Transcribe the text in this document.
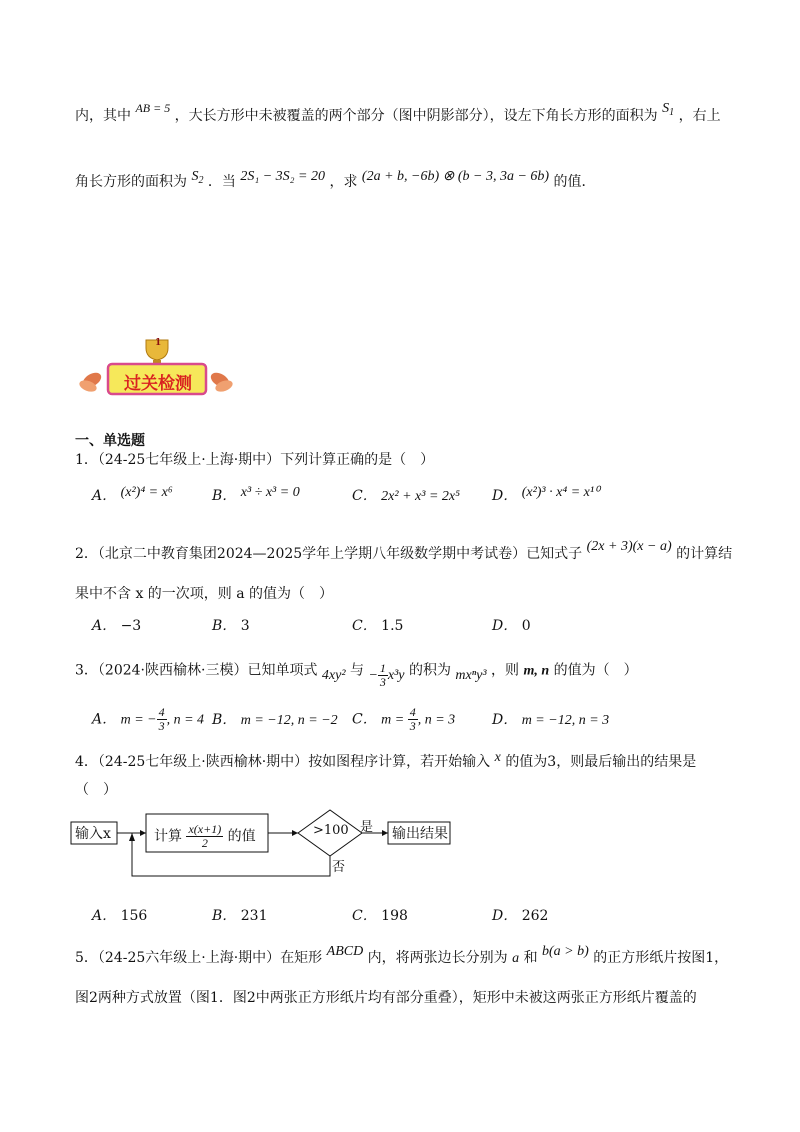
内，其中 AB = 5 ，大长方形中未被覆盖的两个部分（图中阴影部分），设左下角长方形的面积为 $S_1$ ，右上
角长方形的面积为 $S_2$ ．当 2S₁ − 3S₂ = 20 ，求 (2a + b, −6b) ⊗ (b − 3, 3a − 6b) 的值．
1
过关检测
一、单选题
1．（24-25七年级上·上海·期中）下列计算正确的是（　）
A． (x²)⁴ = x⁶	B． x³ ÷ x³ = 0	C． 2x² + x³ = 2x⁵ D． (x²)³ · x⁴ = x¹⁰
2．（北京二中教育集团2024—2025学年上学期八年级数学期中考试卷）已知式子 (2x + 3)(x − a) 的计算结
果中不含 x 的一次项，则 a 的值为（　）
A． −3	B． 3	C． 1.5	D． 0
3．（2024·陕西榆林·三模）已知单项式 4xy² 与 − $\frac{1}{3} x^3y$ 的积为 mxⁿy³ ，则 m, n 的值为（　）
A． m = − $\frac{4}{3}$ , n = 4 B． m = −12, n = −2 C． $m = \frac{4}{3}$ , n = 3	D． m = −12, n = 3
4．（24-25七年级上·陕西榆林·期中）按如图程序计算，若开始输入 x 的值为3，则最后输出的结果是
（　）
输入x	计算 $\frac{x(x+1)}{2}$ 的值	>100 是 输出结果
否
A． 156	B． 231	C． 198	D． 262
5．（24-25六年级上·上海·期中）在矩形 ABCD 内，将两张边长分别为 a 和 b(a > b) 的正方形纸片按图1，
图2两种方式放置（图1．图2中两张正方形纸片均有部分重叠），矩形中未被这两张正方形纸片覆盖的
